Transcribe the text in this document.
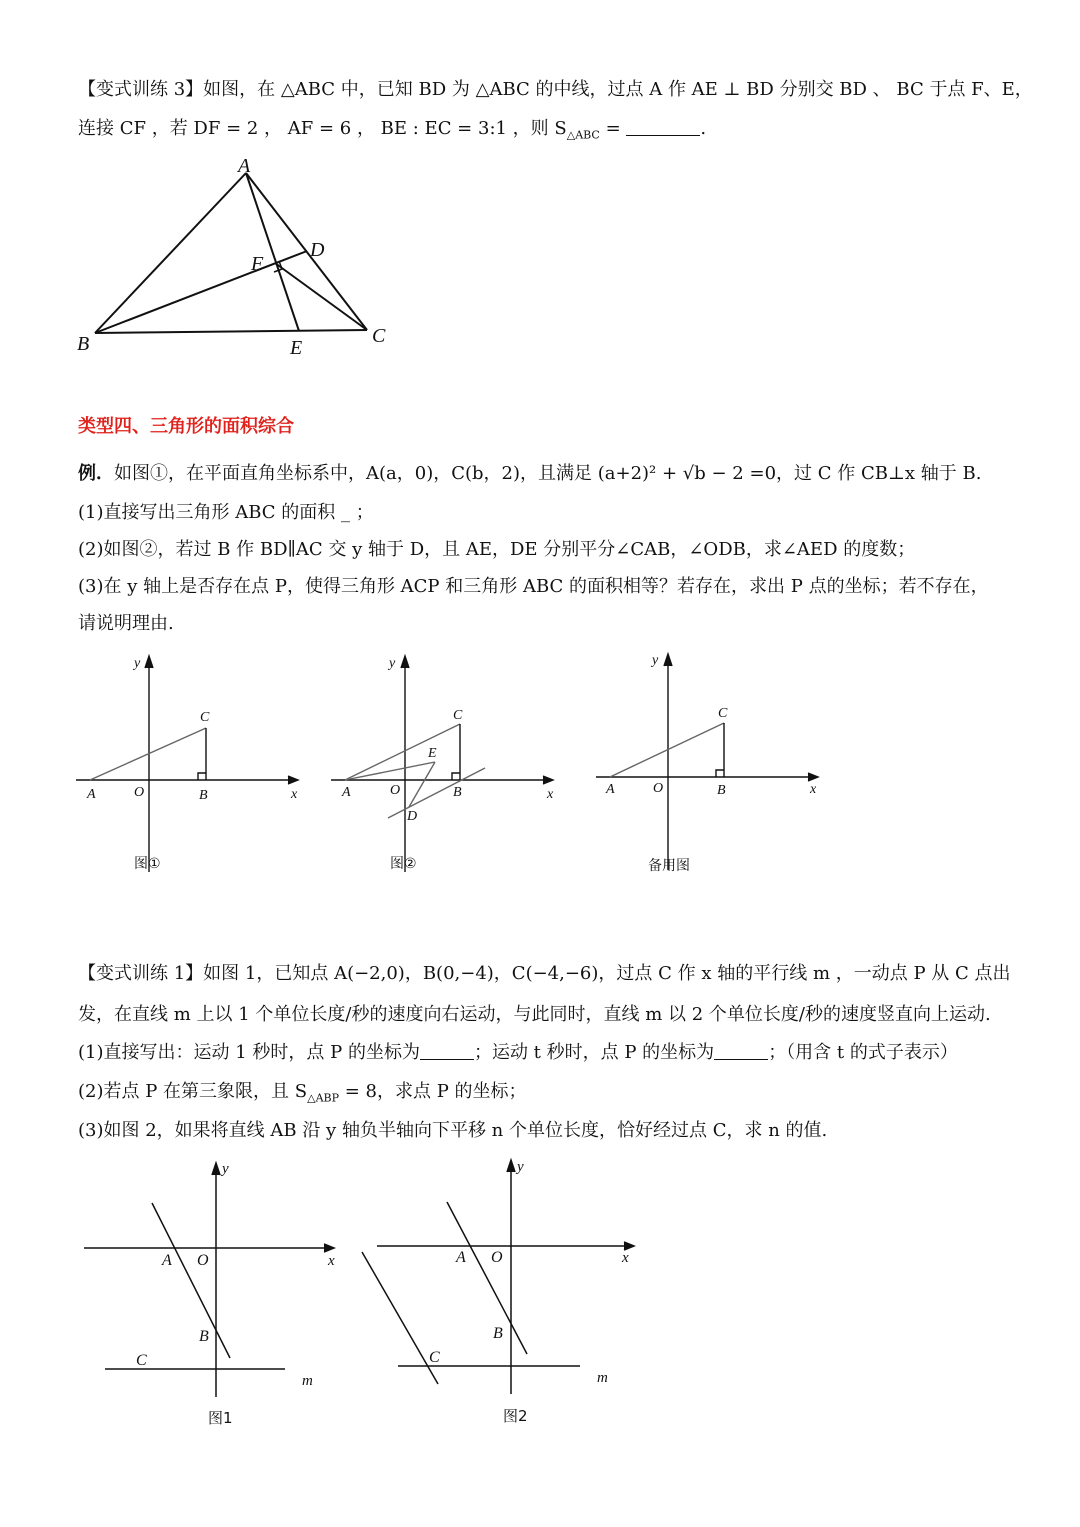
【变式训练 3】如图，在 △ABC 中，已知 BD 为 △ABC 的中线，过点 A 作 AE ⊥ BD 分别交 BD 、 BC 于点 F、E，
连接 CF ，若 DF = 2 ， AF = 6 ， BE : EC = 3:1 ，则 $S_{\triangle ABC}$ =	.
A
B	C
D
E
F
类型四、三角形的面积综合
例．如图①，在平面直角坐标系中，A(a，0)，C(b，2)，且满足 (a+2)² + √b − 2 =0，过 C 作 CB⊥x 轴于 B.
(1)直接写出三角形 ABC 的面积 _ ；
(2)如图②，若过 B 作 BD∥AC 交 y 轴于 D，且 AE，DE 分别平分∠CAB，∠ODB，求∠AED 的度数；
(3)在 y 轴上是否存在点 P，使得三角形 ACP 和三角形 ABC 的面积相等？若存在，求出 P 点的坐标；若不存在，
请说明理由.
y
x
A	O	B
C
图①
y
x
A	O	B
C
D
E
图②
y
x
A	O	B
C
备用图
【变式训练 1】如图 1，已知点 A(−2,0)，B(0,−4)，C(−4,−6)，过点 C 作 x 轴的平行线 m ，一动点 P 从 C 点出
发，在直线 m 上以 1 个单位长度/秒的速度向右运动，与此同时，直线 m 以 2 个单位长度/秒的速度竖直向上运动.
(1)直接写出：运动 1 秒时，点 P 的坐标为	；运动 t 秒时，点 P 的坐标为	；（用含 t 的式子表示）
(2)若点 P 在第三象限，且 $S_{\triangle ABP} = 8$，求点 P 的坐标；
(3)如图 2，如果将直线 AB 沿 y 轴负半轴向下平移 n 个单位长度，恰好经过点 C，求 n 的值.
y
x
A O
B
C
m
图1
y
x
A O
B
C
m
图2
